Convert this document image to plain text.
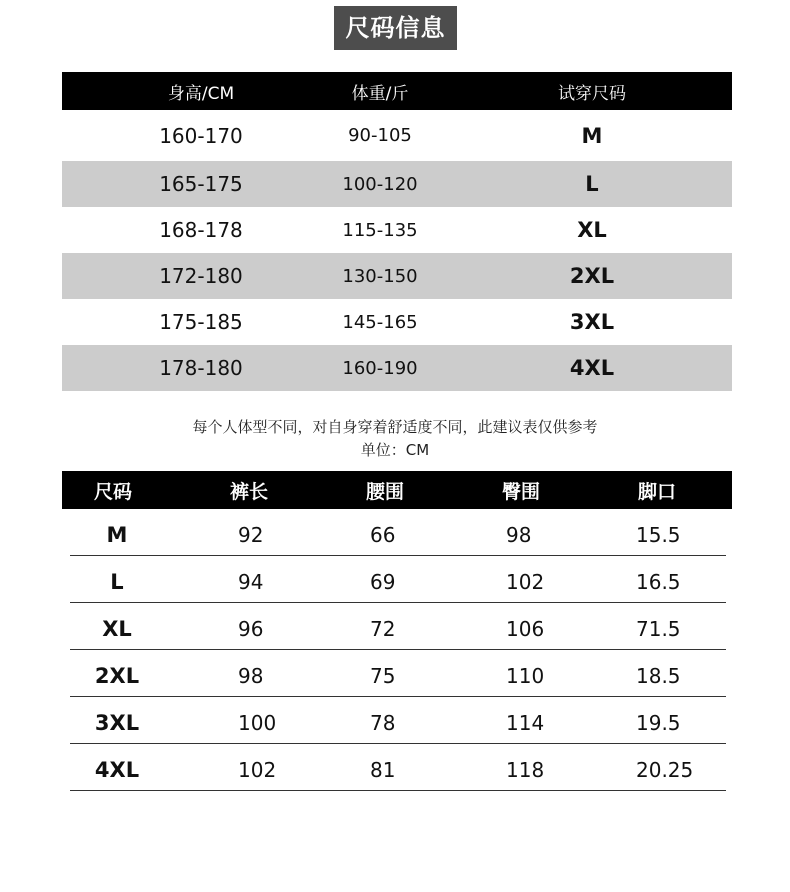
尺码信息
身高/CM	体重/斤	试穿尺码
160-170	90-105	M
165-175	100-120	L
168-178	115-135	XL
172-180	130-150	2XL
175-185	145-165	3XL
178-180	160-190	4XL
每个人体型不同，对自身穿着舒适度不同，此建议表仅供参考
单位：CM
尺码	裤长	腰围	臀围	脚口
M	92	66	98	15.5
L	94	69	102	16.5
XL	96	72	106	71.5
2XL	98	75	110	18.5
3XL	100	78	114	19.5
4XL	102	81	118	20.25
